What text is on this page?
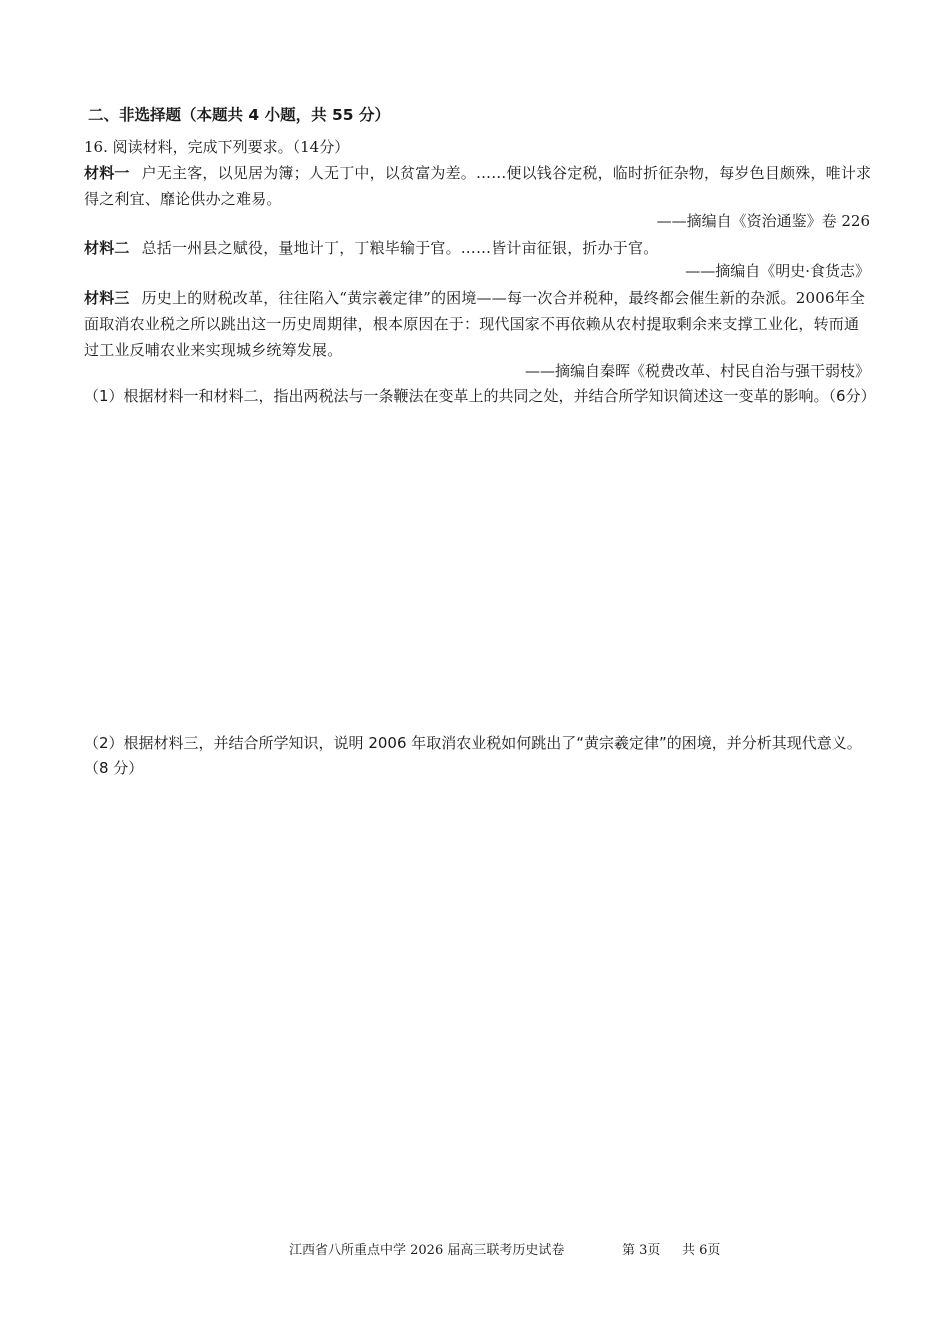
二、非选择题（本题共 4 小题，共 55 分）
16. 阅读材料，完成下列要求。（14分）
材料一 户无主客，以见居为簿；人无丁中，以贫富为差。……便以钱谷定税，临时折征杂物，每岁色目颇殊，唯计求得之利宜、靡论供办之难易。
——摘编自《资治通鉴》卷 226
材料二 总括一州县之赋役，量地计丁，丁粮毕输于官。……皆计亩征银，折办于官。
——摘编自《明史·食货志》
材料三 历史上的财税改革，往往陷入“黄宗羲定律”的困境——每一次合并税种，最终都会催生新的杂派。2006年全面取消农业税之所以跳出这一历史周期律，根本原因在于：现代国家不再依赖从农村提取剩余来支撑工业化，转而通过工业反哺农业来实现城乡统筹发展。
——摘编自秦晖《税费改革、村民自治与强干弱枝》
（1）根据材料一和材料二，指出两税法与一条鞭法在变革上的共同之处，并结合所学知识简述这一变革的影响。（6分）
（2）根据材料三，并结合所学知识，说明 2006 年取消农业税如何跳出了“黄宗羲定律”的困境，并分析其现代意义。（8 分）
江西省八所重点中学 2026 届高三联考历史试卷	第 3页 共 6页
